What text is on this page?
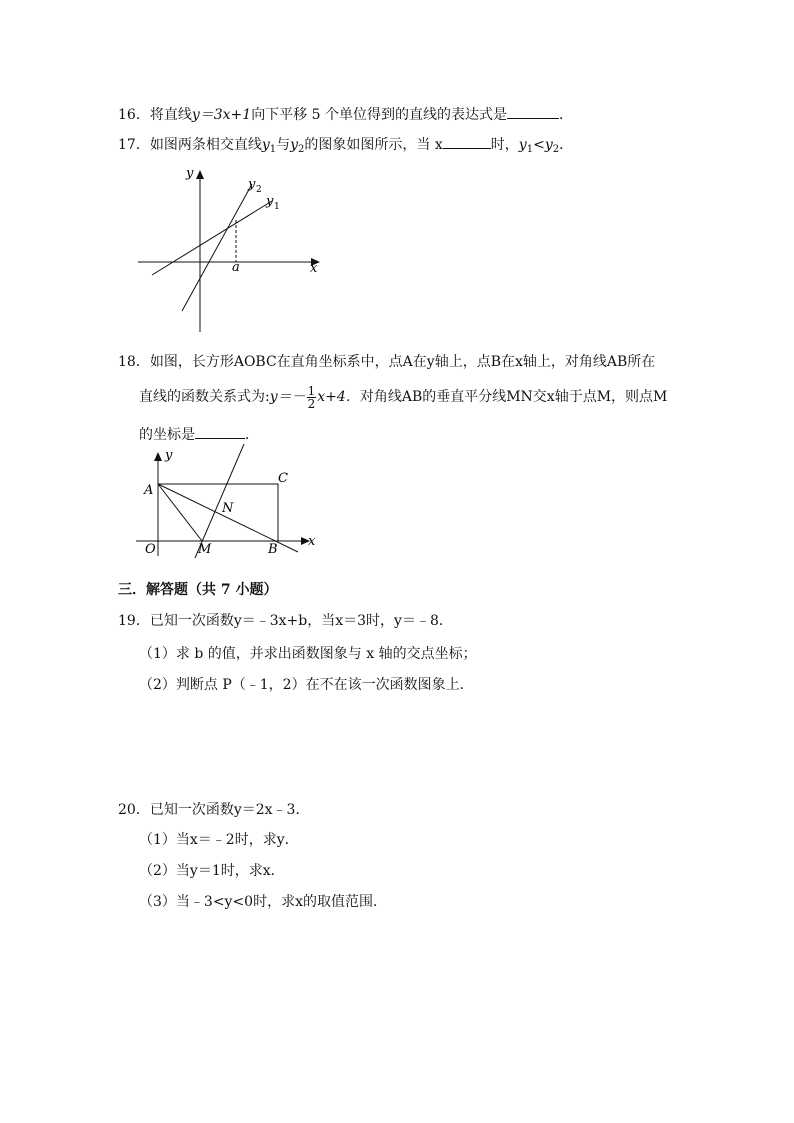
16．将直线y＝3x+1向下平移 5 个单位得到的直线的表达式是	．
17．如图两条相交直线$y_1$与$y_2$的图象如图所示，当 x	时，$y_1<y_2$．
y
x
y 2
y 1
a
18．如图，长方形AOBC在直角坐标系中，点A在y轴上，点B在x轴上，对角线AB所在
直线的函数关系式为:y＝－ $\frac{1}{2} x+4$．对角线AB的垂直平分线MN交x轴于点M，则点M
的坐标是	．
y
x
A
C
N
O	M	B
三．解答题（共 7 小题）
19．已知一次函数y＝﹣3x+b，当x＝3时，y＝﹣8．
（1）求 b 的值，并求出函数图象与 x 轴的交点坐标；
（2）判断点 P（﹣1，2）在不在该一次函数图象上．
20．已知一次函数y＝2x﹣3．
（1）当x＝﹣2时，求y．
（2）当y＝1时，求x．
（3）当﹣3<y<0时，求x的取值范围．
